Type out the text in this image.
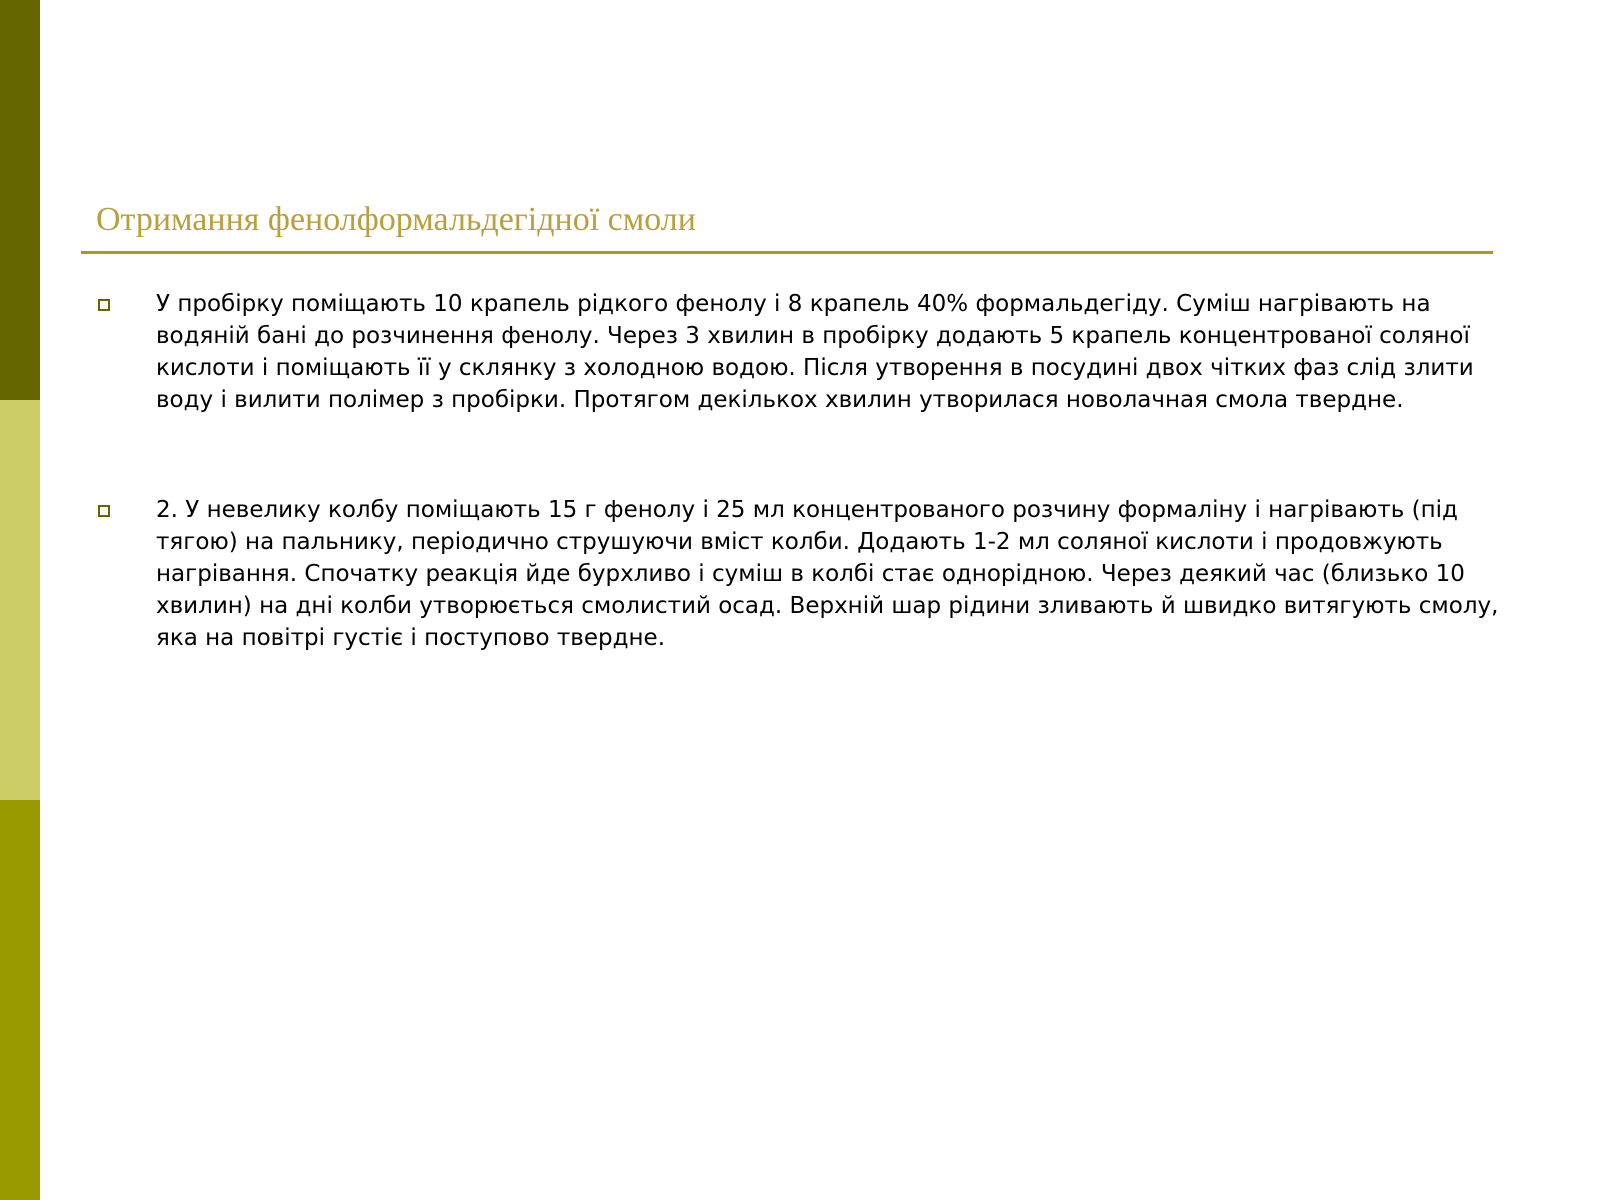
Отримання фенолформальдегідної смоли
У пробірку поміщають 10 крапель рідкого фенолу і 8 крапель 40% формальдегіду. Суміш нагрівають на водяній бані до розчинення фенолу. Через 3 хвилин в пробірку додають 5 крапель концентрованої соляної кислоти і поміщають її у склянку з холодною водою. Після утворення в посудині двох чітких фаз слід злити воду і вилити полімер з пробірки. Протягом декількох хвилин утворилася новолачная смола твердне.
2. У невелику колбу поміщають 15 г фенолу і 25 мл концентрованого розчину формаліну і нагрівають (під тягою) на пальнику, періодично струшуючи вміст колби. Додають 1-2 мл соляної кислоти і продовжують нагрівання. Спочатку реакція йде бурхливо і суміш в колбі стає однорідною. Через деякий час (близько 10 хвилин) на дні колби утворюється смолистий осад. Верхній шар рідини зливають й швидко витягують смолу, яка на повітрі густіє і поступово твердне.
